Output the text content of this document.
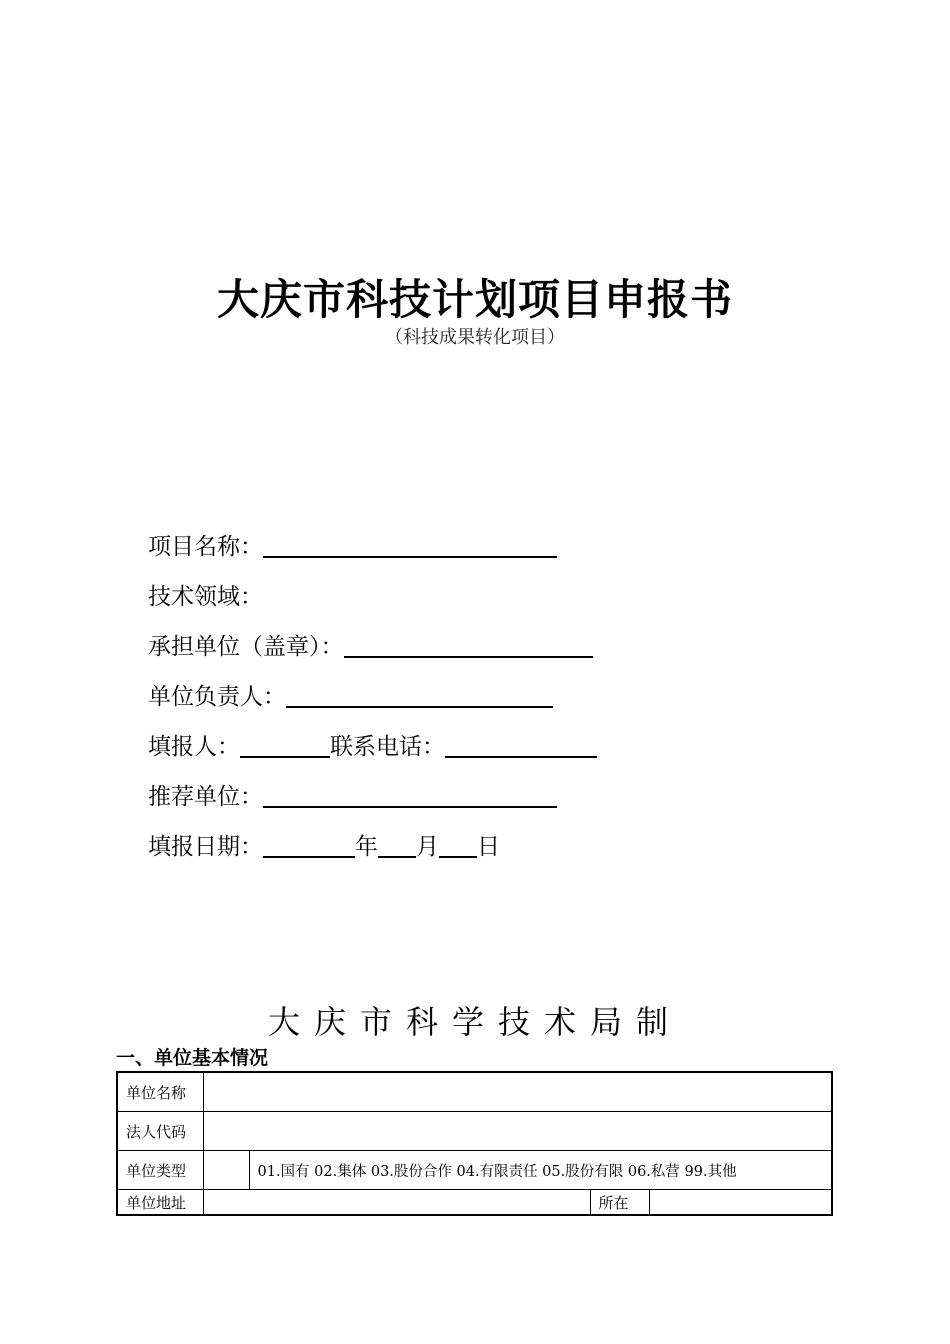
大庆市科技计划项目申报书
（科技成果转化项目）
项目名称：
技术领域：
承担单位（盖章）：
单位负责人：
填报人：	联系电话：
推荐单位：
填报日期：	年 月 日
大庆市科学技术局制
一、单位基本情况
单位名称				
法人代码				
单位类型		01.国有 02.集体 03.股份合作 04.有限责任 05.股份有限 06.私营 99.其他		
单位地址			所在	
